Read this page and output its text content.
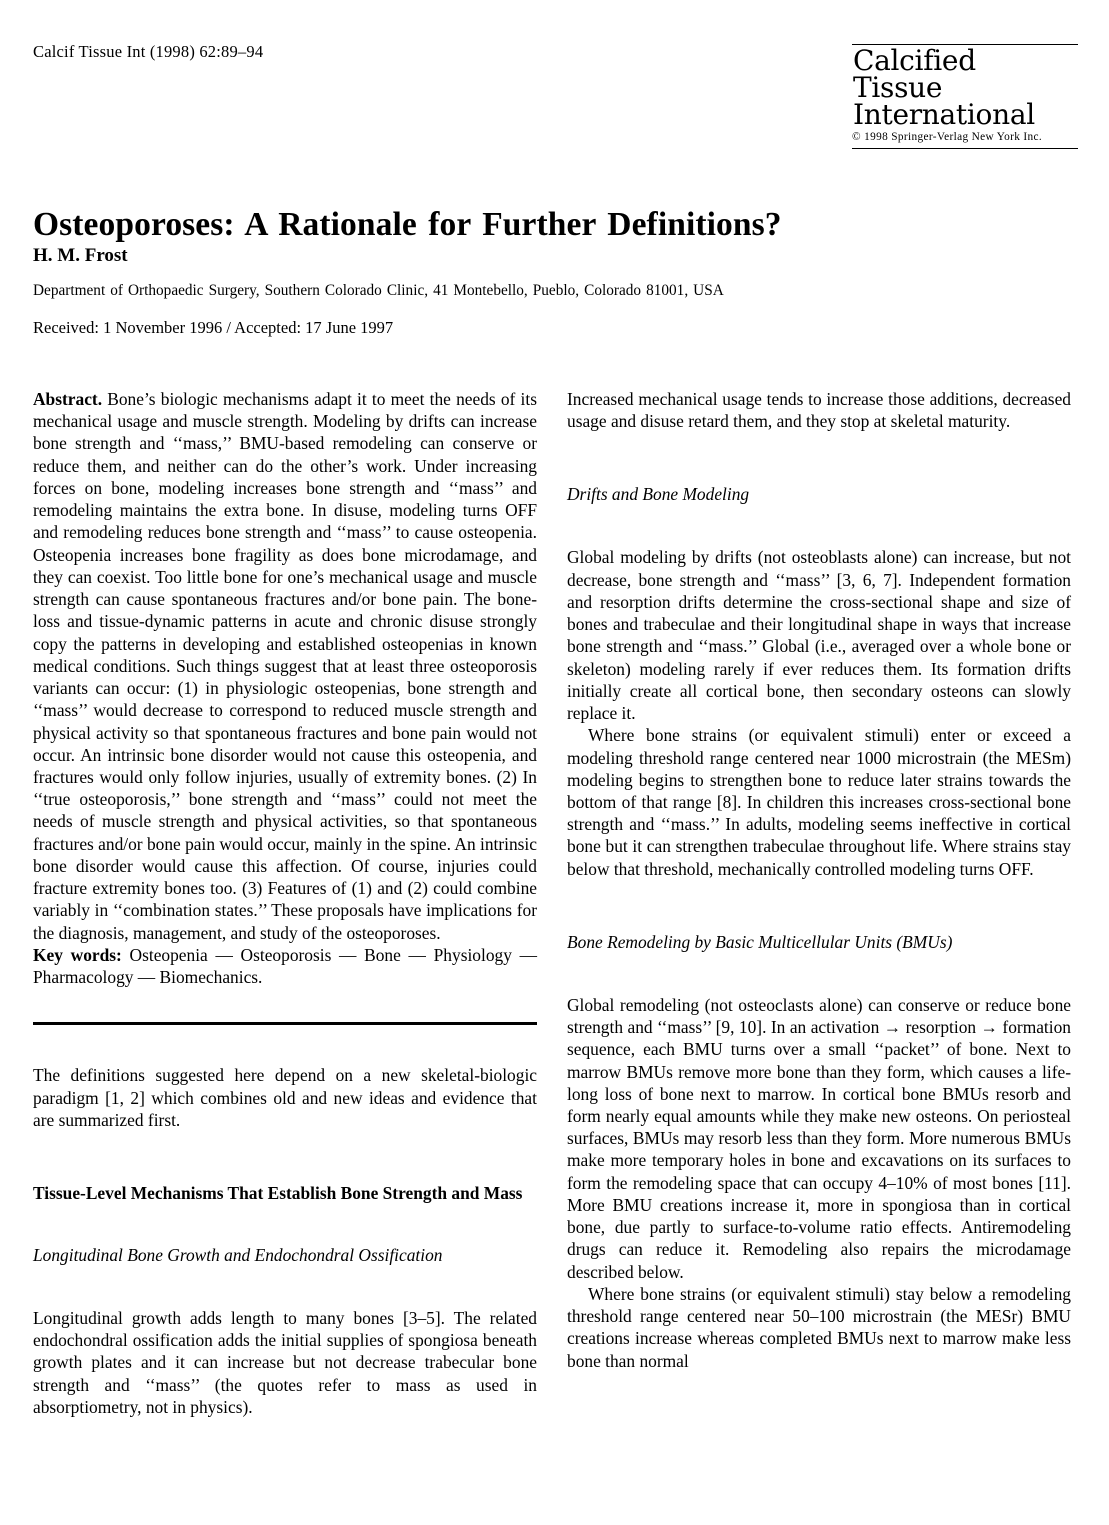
Calcif Tissue Int (1998) 62:89–94	Calcified
Tissue
International
© 1998 Springer-Verlag New York Inc.
Osteoporoses: A Rationale for Further Definitions?
H. M. Frost
Department of Orthopaedic Surgery, Southern Colorado Clinic, 41 Montebello, Pueblo, Colorado 81001, USA
Received: 1 November 1996 / Accepted: 17 June 1997

Abstract. Bone’s biologic mechanisms adapt it to meet the needs of its mechanical usage and muscle strength. Modeling by drifts can increase bone strength and ‘‘mass,’’ BMU-based remodeling can conserve or reduce them, and neither can do the other’s work. Under increasing forces on bone, modeling increases bone strength and ‘‘mass’’ and remodeling maintains the extra bone. In disuse, modeling turns OFF and remodeling reduces bone strength and ‘‘mass’’ to cause osteopenia. Osteopenia increases bone fragility as does bone microdamage, and they can coexist. Too little bone for one’s mechanical usage and muscle strength can cause spontaneous fractures and/or bone pain. The bone-loss and tissue-dynamic patterns in acute and chronic disuse strongly copy the patterns in developing and established osteopenias in known medical conditions. Such things suggest that at least three osteoporosis variants can occur: (1) in physiologic osteopenias, bone strength and ‘‘mass’’ would decrease to correspond to reduced muscle strength and physical activity so that spontaneous fractures and bone pain would not occur. An intrinsic bone disorder would not cause this osteopenia, and fractures would only follow injuries, usually of extremity bones. (2) In ‘‘true osteoporosis,’’ bone strength and ‘‘mass’’ could not meet the needs of muscle strength and physical activities, so that spontaneous fractures and/or bone pain would occur, mainly in the spine. An intrinsic bone disorder would cause this affection. Of course, injuries could fracture extremity bones too. (3) Features of (1) and (2) could combine variably in ‘‘combination states.’’ These proposals have implications for the diagnosis, management, and study of the osteoporoses.

Key words: Osteopenia — Osteoporosis — Bone — Physiology — Pharmacology — Biomechanics.

The definitions suggested here depend on a new skeletal-biologic paradigm [1, 2] which combines old and new ideas and evidence that are summarized first.

Tissue-Level Mechanisms That Establish Bone Strength and Mass
Longitudinal Bone Growth and Endochondral Ossification

Longitudinal growth adds length to many bones [3–5]. The related endochondral ossification adds the initial supplies of spongiosa beneath growth plates and it can increase but not decrease trabecular bone strength and ‘‘mass’’ (the quotes refer to mass as used in absorptiometry, not in physics).

Increased mechanical usage tends to increase those additions, decreased usage and disuse retard them, and they stop at skeletal maturity.

Drifts and Bone Modeling

Global modeling by drifts (not osteoblasts alone) can increase, but not decrease, bone strength and ‘‘mass’’ [3, 6, 7]. Independent formation and resorption drifts determine the cross-sectional shape and size of bones and trabeculae and their longitudinal shape in ways that increase bone strength and ‘‘mass.’’ Global (i.e., averaged over a whole bone or skeleton) modeling rarely if ever reduces them. Its formation drifts initially create all cortical bone, then secondary osteons can slowly replace it.

Where bone strains (or equivalent stimuli) enter or exceed a modeling threshold range centered near 1000 microstrain (the MESm) modeling begins to strengthen bone to reduce later strains towards the bottom of that range [8]. In children this increases cross-sectional bone strength and ‘‘mass.’’ In adults, modeling seems ineffective in cortical bone but it can strengthen trabeculae throughout life. Where strains stay below that threshold, mechanically controlled modeling turns OFF.

Bone Remodeling by Basic Multicellular Units (BMUs)

Global remodeling (not osteoclasts alone) can conserve or reduce bone strength and ‘‘mass’’ [9, 10]. In an activation → resorption → formation sequence, each BMU turns over a small ‘‘packet’’ of bone. Next to marrow BMUs remove more bone than they form, which causes a life-long loss of bone next to marrow. In cortical bone BMUs resorb and form nearly equal amounts while they make new osteons. On periosteal surfaces, BMUs may resorb less than they form. More numerous BMUs make more temporary holes in bone and excavations on its surfaces to form the remodeling space that can occupy 4–10% of most bones [11]. More BMU creations increase it, more in spongiosa than in cortical bone, due partly to surface-to-volume ratio effects. Antiremodeling drugs can reduce it. Remodeling also repairs the microdamage described below.

Where bone strains (or equivalent stimuli) stay below a remodeling threshold range centered near 50–100 microstrain (the MESr) BMU creations increase whereas completed BMUs next to marrow make less bone than normal
